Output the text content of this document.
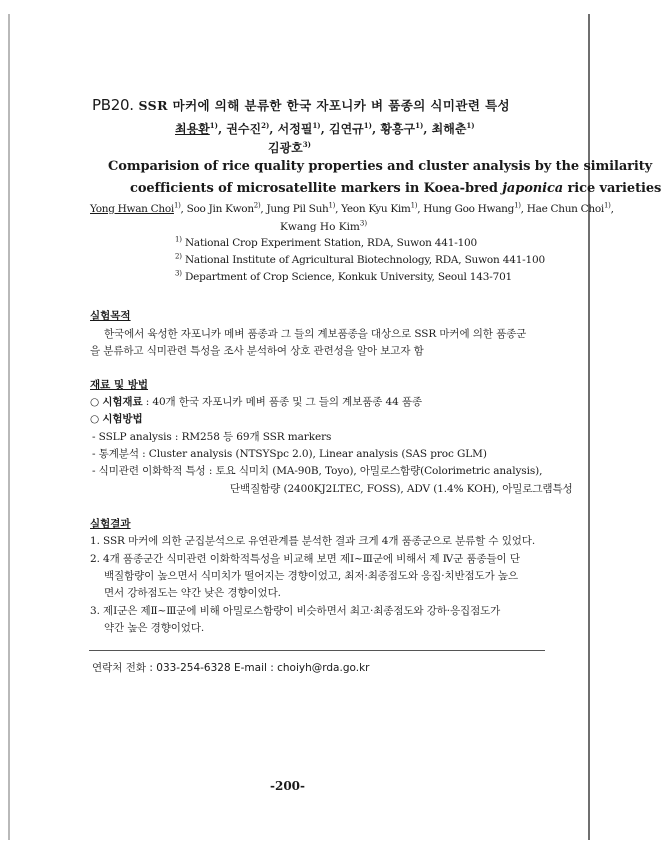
PB20. SSR 마커에 의해 분류한 한국 자포니카 벼 품종의 식미관련 특성
최용환$^{1)}$, 권수진$^{2)}$, 서정필$^{1)}$, 김연규$^{1)}$, 황흥구$^{1)}$, 최해춘$^{1)}$
김광호$^{3)}$
Comparision of rice quality properties and cluster analysis by the similarity
coefficients of microsatellite markers in Koea-bred japonica rice varieties
Yong Hwan Choi$^{1)}$, Soo Jin Kwon$^{2)}$, Jung Pil Suh$^{1)}$, Yeon Kyu Kim$^{1)}$, Hung Goo Hwang$^{1)}$, Hae Chun Choi$^{1)}$,
Kwang Ho Kim$^{3)}$
$^{1)}$ National Crop Experiment Station, RDA, Suwon 441-100
$^{2)}$ National Institute of Agricultural Biotechnology, RDA, Suwon 441-100
$^{3)}$ Department of Crop Science, Konkuk University, Seoul 143-701
실험목적
한국에서 육성한 자포니카 메벼 품종과 그 들의 계보품종을 대상으로 SSR 마커에 의한 품종군
을 분류하고 식미관련 특성을 조사 분석하여 상호 관련성을 알아 보고자 함
재료 및 방법
○ 시험재료 : 40개 한국 자포니카 메벼 품종 및 그 들의 계보품종 44 품종
○ 시험방법
- SSLP analysis : RM258 등 69개 SSR markers
- 통계분석 : Cluster analysis (NTSYSpc 2.0), Linear analysis (SAS proc GLM)
- 식미관련 이화학적 특성 : 토요 식미치 (MA-90B, Toyo), 아밀로스함량(Colorimetric analysis),
단백질함량 (2400KJ2LTEC, FOSS), ADV (1.4% KOH), 아밀로그램특성
실험결과
1. SSR 마커에 의한 군집분석으로 유연관계를 분석한 결과 크게 4개 품종군으로 분류할 수 있었다.
2. 4개 품종군간 식미관련 이화학적특성을 비교해 보면 제Ⅰ~Ⅲ군에 비해서 제 Ⅳ군 품종들이 단
백질함량이 높으면서 식미치가 떨어지는 경향이었고, 최저·최종점도와 응집·치반점도가 높으
면서 강하점도는 약간 낮은 경향이었다.
3. 제Ⅰ군은 제Ⅱ~Ⅲ군에 비해 아밀로스함량이 비슷하면서 최고·최종점도와 강하·응집점도가
약간 높은 경향이었다.
연락처 전화 : 033-254-6328 E-mail : choiyh@rda.go.kr
-200-
